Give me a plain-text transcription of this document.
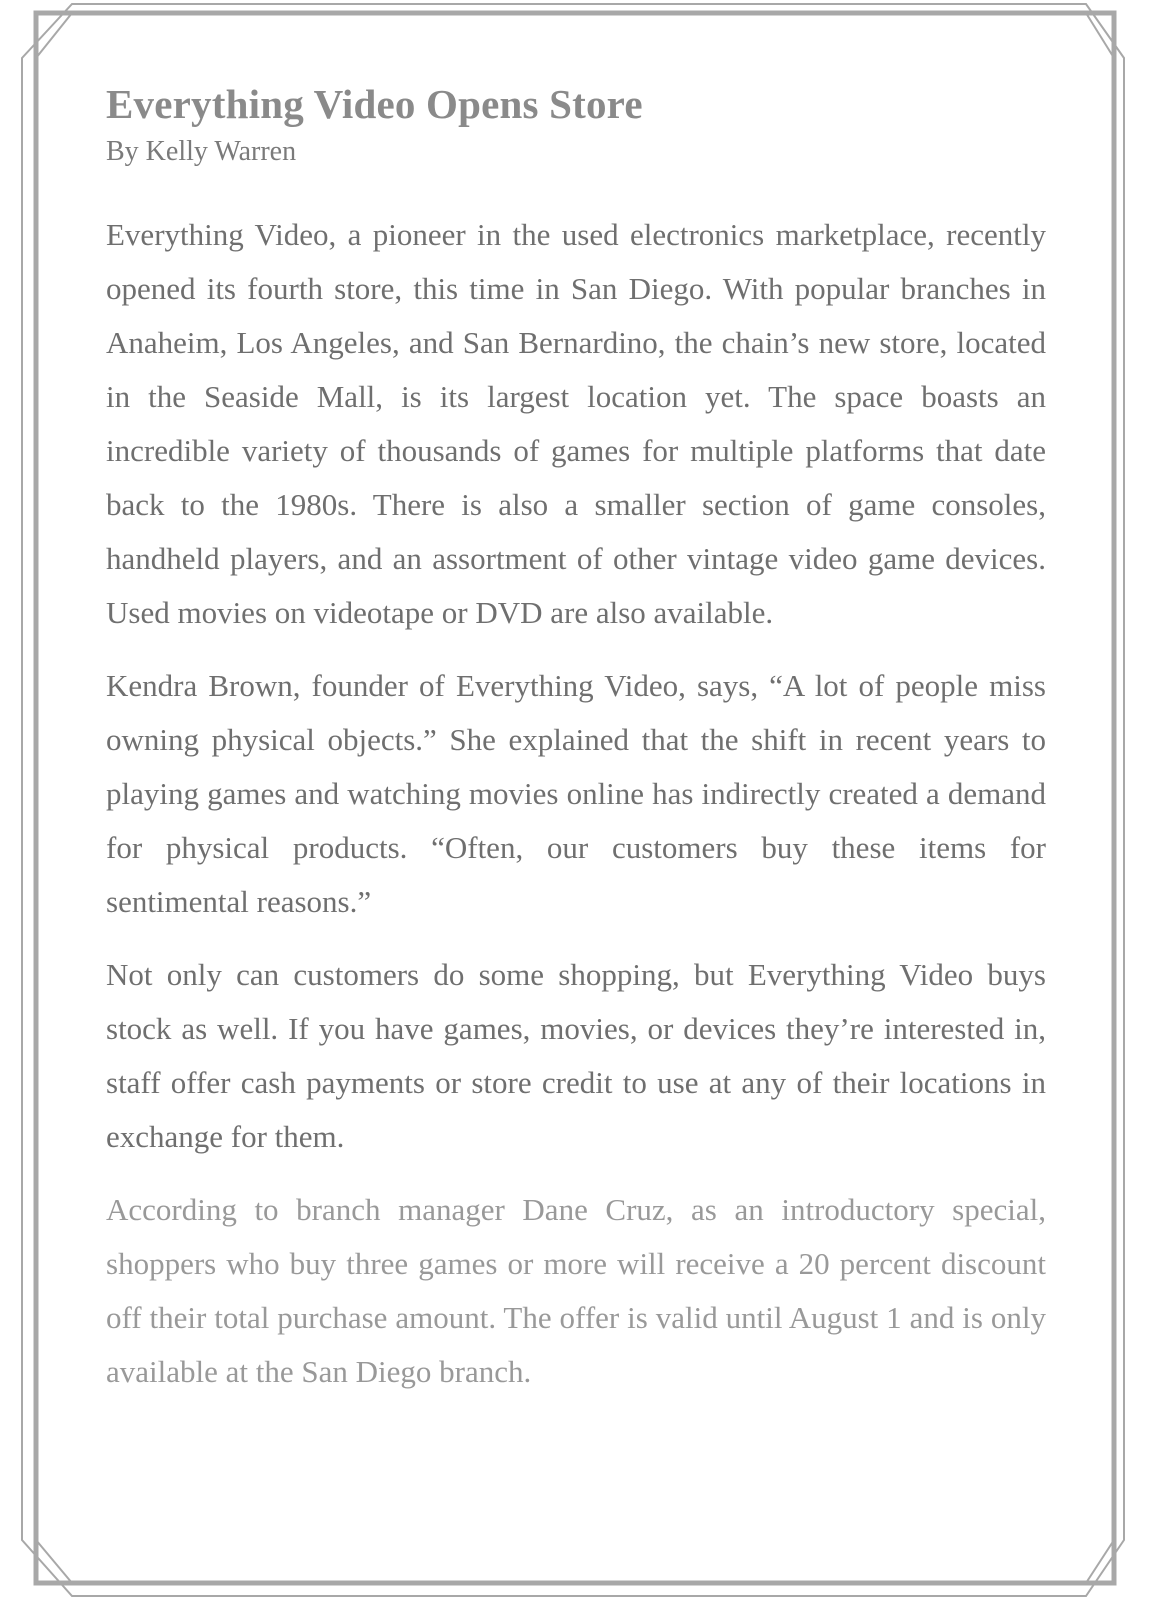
Everything Video Opens Store
By Kelly Warren

Everything Video, a pioneer in the used electronics marketplace, recently opened its fourth store, this time in San Diego. With popular branches in Anaheim, Los Angeles, and San Bernardino, the chain’s new store, located in the Seaside Mall, is its largest location yet. The space boasts an incredible variety of thousands of games for multiple platforms that date back to the 1980s. There is also a smaller section of game consoles, handheld players, and an assortment of other vintage video game devices. Used movies on videotape or DVD are also available.

Kendra Brown, founder of Everything Video, says, “A lot of people miss owning physical objects.” She explained that the shift in recent years to playing games and watching movies online has indirectly created a demand for physical products. “Often, our customers buy these items for sentimental reasons.”

Not only can customers do some shopping, but Everything Video buys stock as well. If you have games, movies, or devices they’re interested in, staff offer cash payments or store credit to use at any of their locations in exchange for them.

According to branch manager Dane Cruz, as an introductory special, shoppers who buy three games or more will receive a 20 percent discount off their total purchase amount. The offer is valid until August 1 and is only available at the San Diego branch.
